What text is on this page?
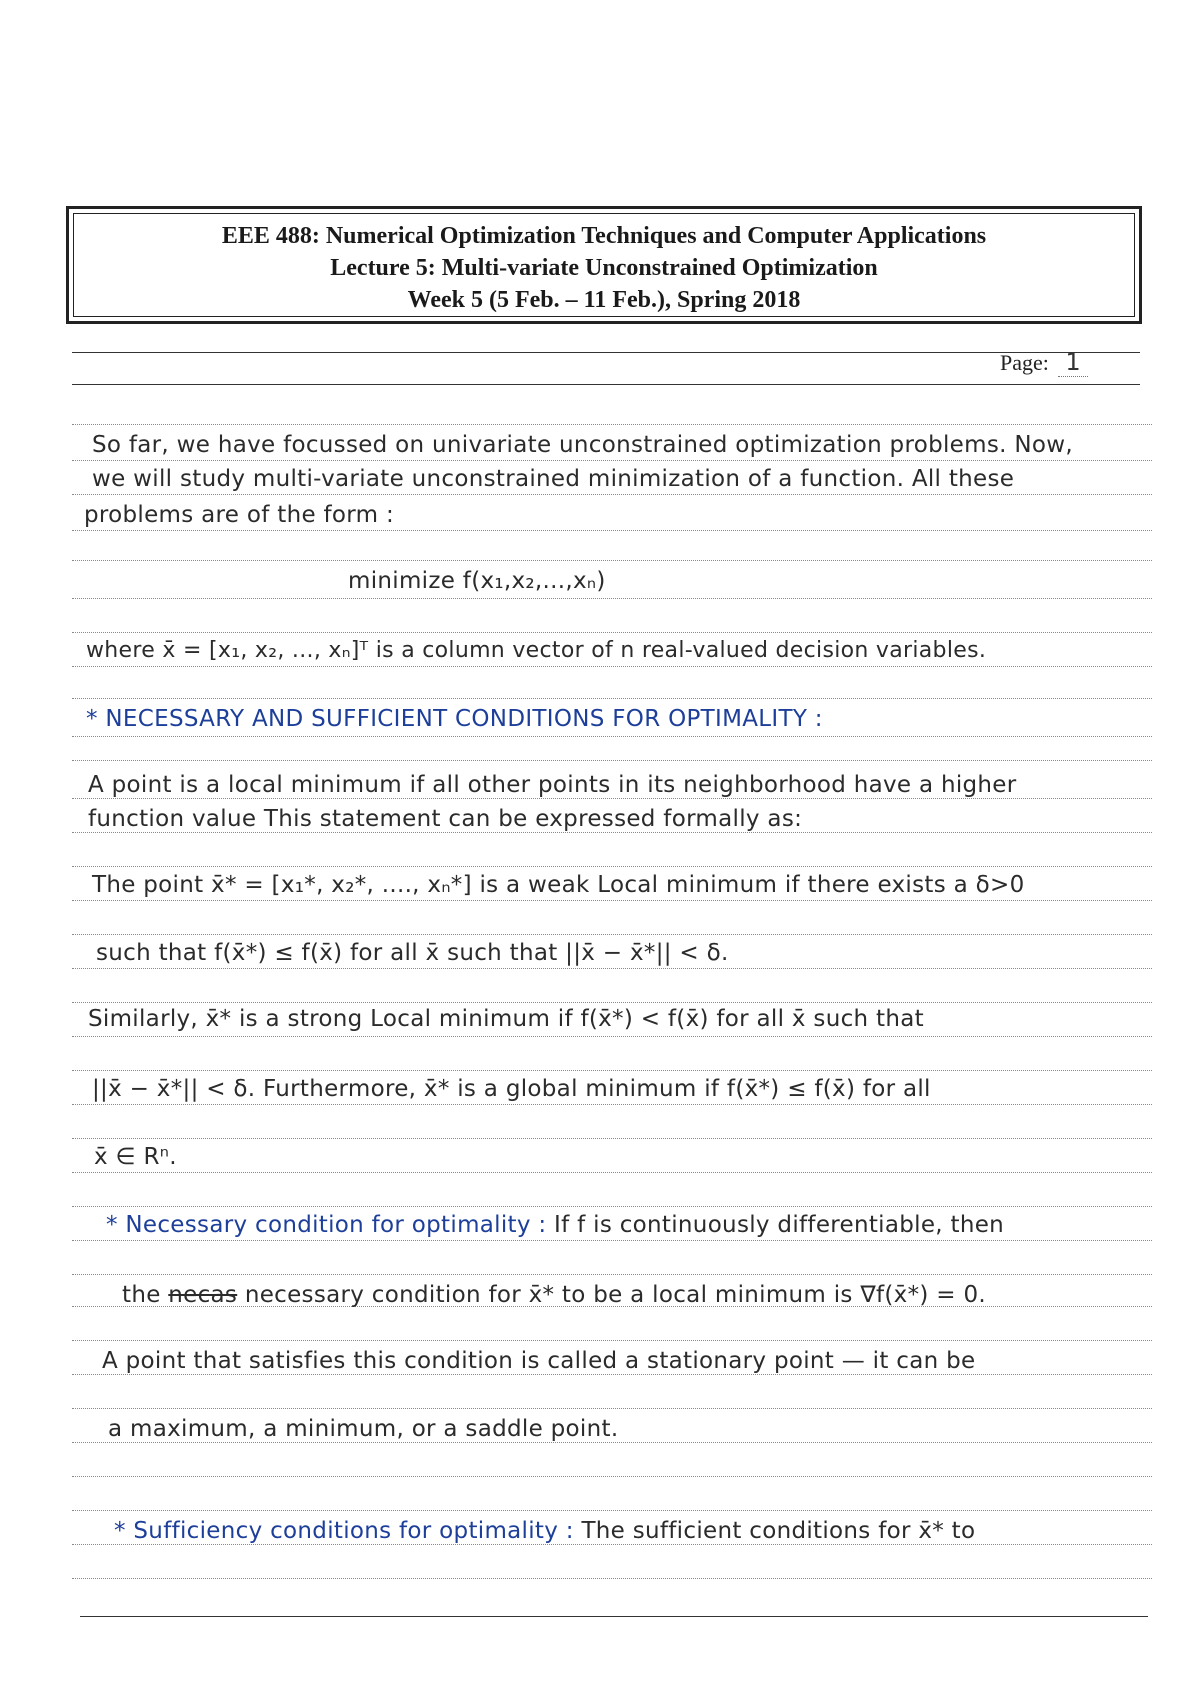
EEE 488: Numerical Optimization Techniques and Computer Applications
Lecture 5: Multi-variate Unconstrained Optimization
Week 5 (5 Feb. – 11 Feb.), Spring 2018
Page: 1
So far, we have focussed on univariate unconstrained optimization problems. Now,
we will study multi-variate unconstrained minimization of a function. All these
problems are of the form :
minimize f(x₁,x₂,...,xₙ)
where x̄ = [x₁, x₂, ..., xₙ]ᵀ is a column vector of n real-valued decision variables.
* NECESSARY AND SUFFICIENT CONDITIONS FOR OPTIMALITY :
A point is a local minimum if all other points in its neighborhood have a higher
function value This statement can be expressed formally as:
The point x̄* = [x₁*, x₂*, ...., xₙ*] is a weak Local minimum if there exists a δ>0
such that f(x̄*) ≤ f(x̄) for all x̄ such that ||x̄ − x̄*|| < δ.
Similarly, x̄* is a strong Local minimum if f(x̄*) < f(x̄) for all x̄ such that
||x̄ − x̄*|| < δ. Furthermore, x̄* is a global minimum if f(x̄*) ≤ f(x̄) for all
x̄ ∈ Rⁿ.
* Necessary condition for optimality : If f is continuously differentiable, then
the necas necessary condition for x̄* to be a local minimum is ∇f(x̄*) = 0.
A point that satisfies this condition is called a stationary point — it can be
a maximum, a minimum, or a saddle point.
* Sufficiency conditions for optimality : The sufficient conditions for x̄* to
